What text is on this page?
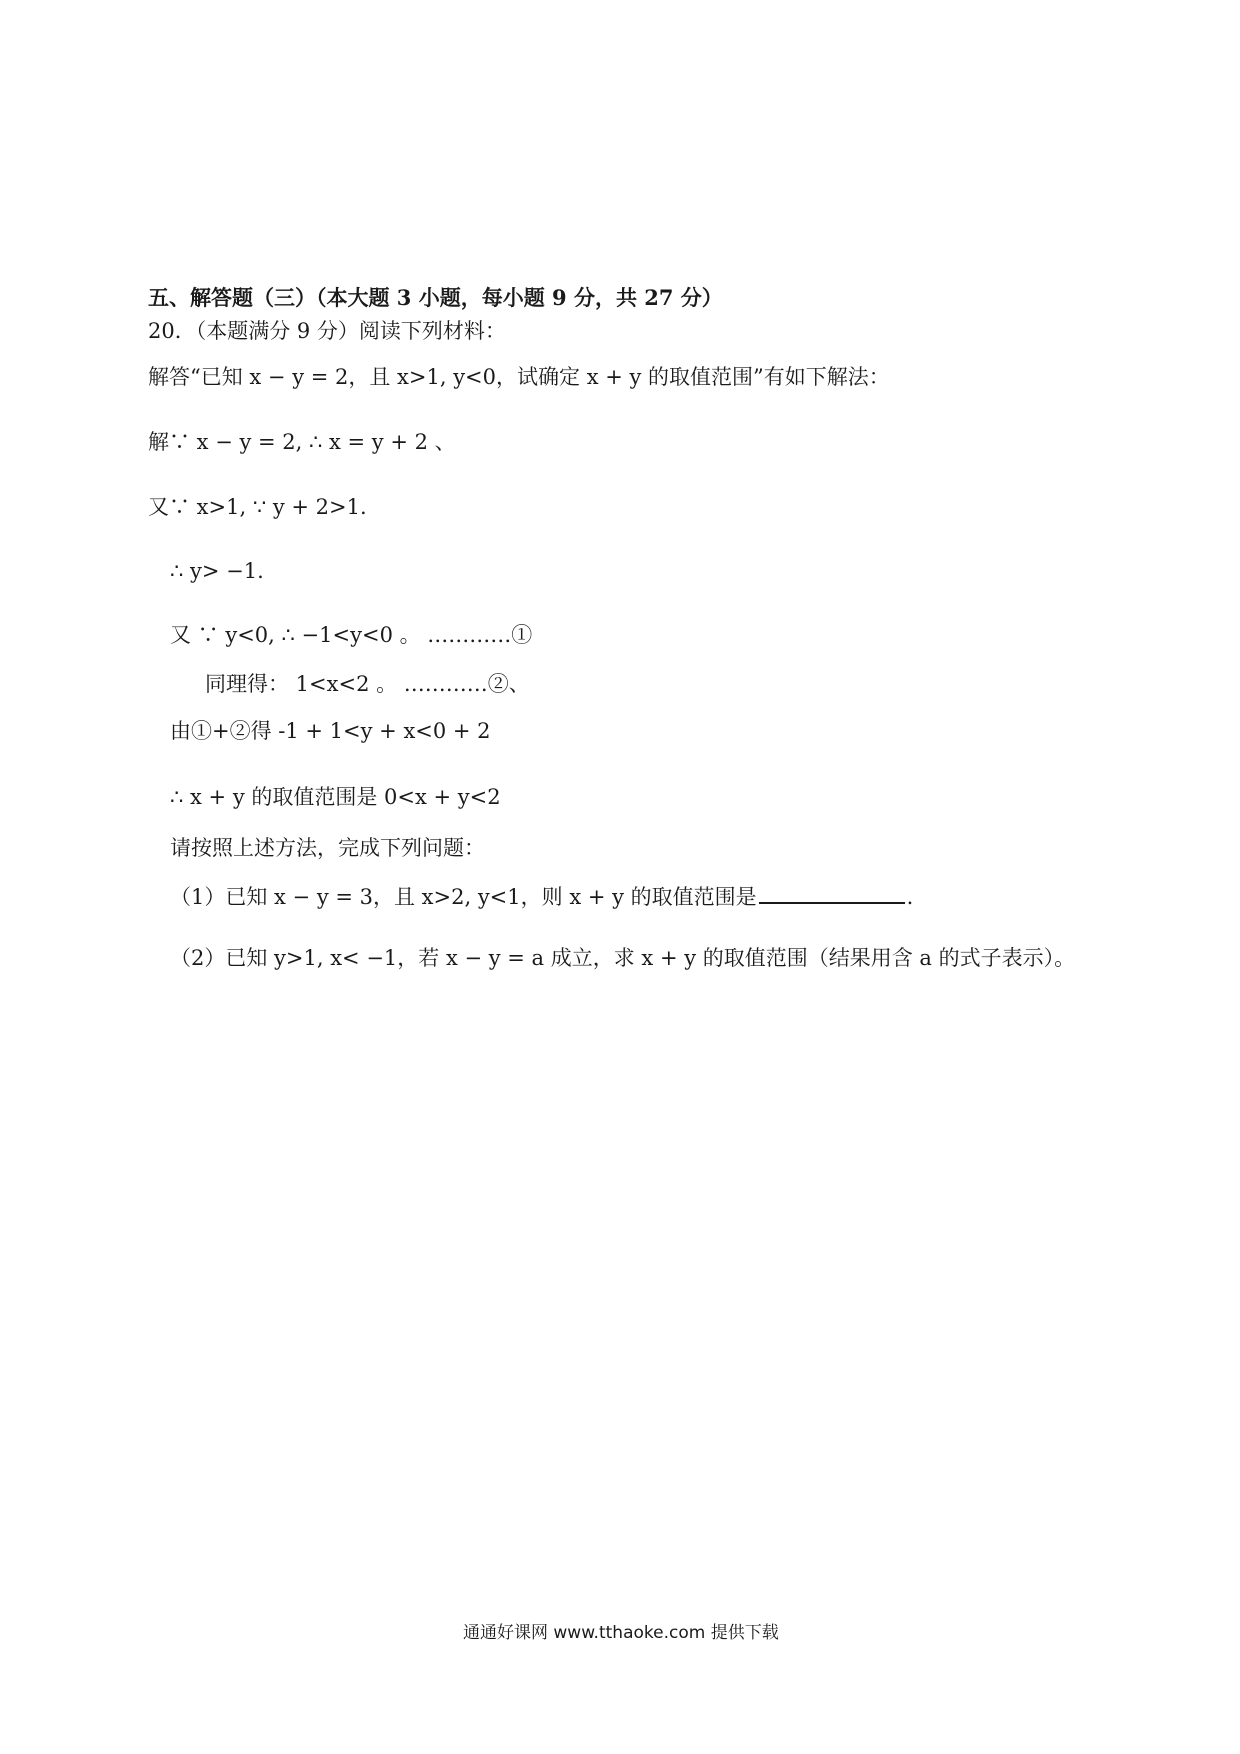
五、解答题（三）（本大题 3 小题，每小题 9 分，共 27 分）
20．（本题满分 9 分）阅读下列材料：
解答“已知 x − y = 2，且 x>1, y<0，试确定 x + y 的取值范围”有如下解法：
解∵ x − y = 2, ∴ x = y + 2 、
又∵ x>1, ∵ y + 2>1.
∴ y> −1.
又 ∵ y<0, ∴ −1<y<0 。 …………①
同理得： 1<x<2 。 …………②、
由①+②得 -1 + 1<y + x<0 + 2
∴ x + y 的取值范围是 0<x + y<2
请按照上述方法，完成下列问题：
（1）已知 x − y = 3，且 x>2, y<1，则 x + y 的取值范围是	.
（2）已知 y>1, x< −1，若 x − y = a 成立，求 x + y 的取值范围（结果用含 a 的式子表示）。
通通好课网 www.tthaoke.com 提供下载
